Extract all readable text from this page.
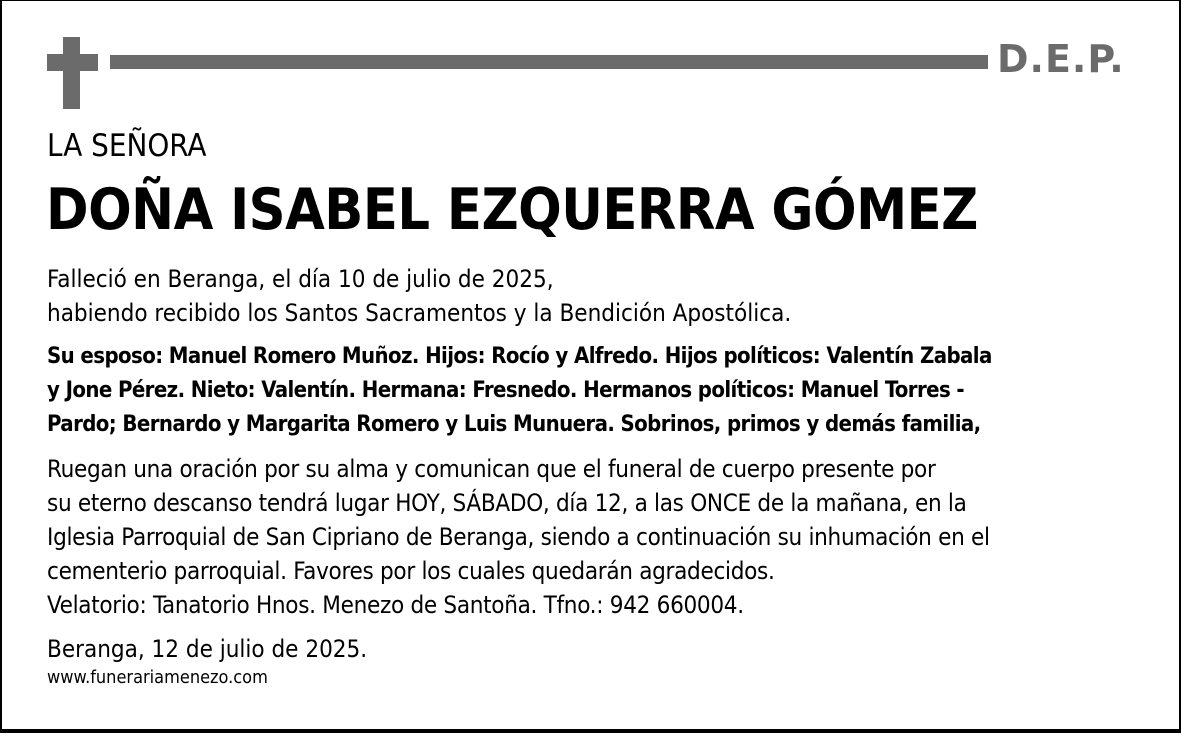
D.E.P.
LA SEÑORA
DOÑA ISABEL EZQUERRA GÓMEZ
Falleció en Beranga, el día 10 de julio de 2025,
habiendo recibido los Santos Sacramentos y la Bendición Apostólica.
Su esposo: Manuel Romero Muñoz. Hijos: Rocío y Alfredo. Hijos políticos: Valentín Zabala
y Jone Pérez. Nieto: Valentín. Hermana: Fresnedo. Hermanos políticos: Manuel Torres -
Pardo; Bernardo y Margarita Romero y Luis Munuera. Sobrinos, primos y demás familia,
Ruegan una oración por su alma y comunican que el funeral de cuerpo presente por
su eterno descanso tendrá lugar HOY, SÁBADO, día 12, a las ONCE de la mañana, en la
Iglesia Parroquial de San Cipriano de Beranga, siendo a continuación su inhumación en el
cementerio parroquial. Favores por los cuales quedarán agradecidos.
Velatorio: Tanatorio Hnos. Menezo de Santoña. Tfno.: 942 660004.
Beranga, 12 de julio de 2025.
www.funerariamenezo.com
